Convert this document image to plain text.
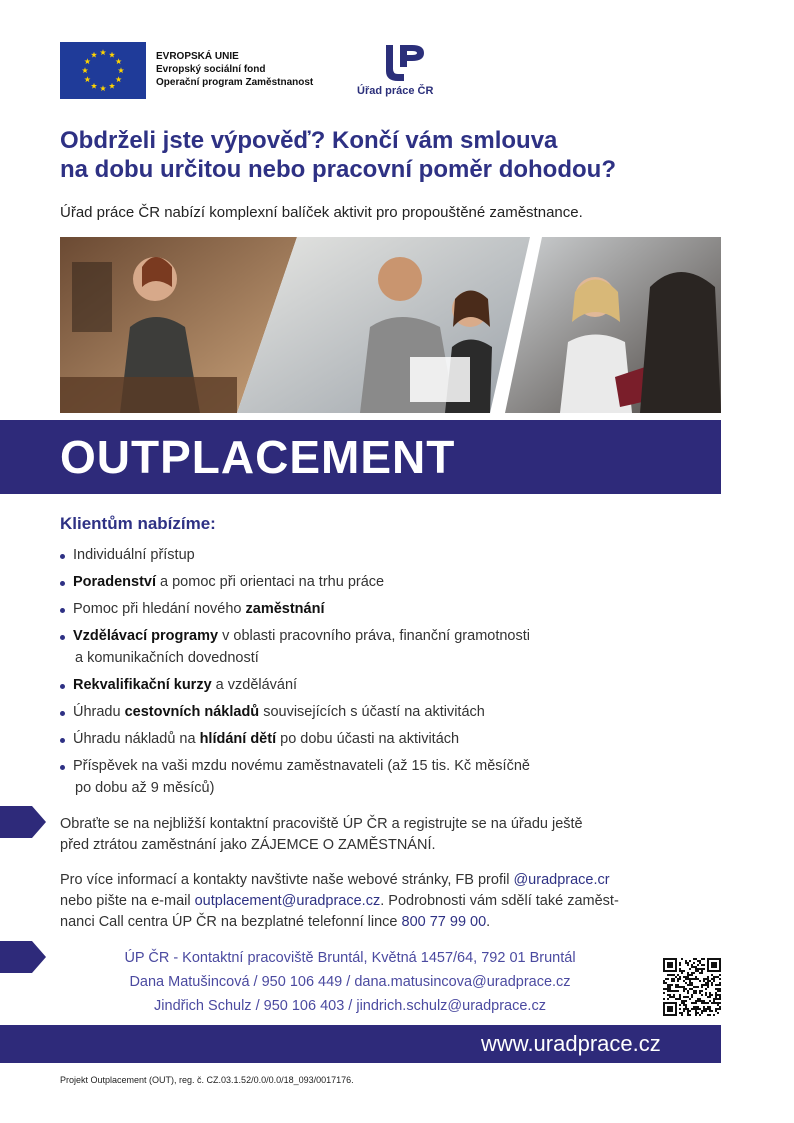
EVROPSKÁ UNIE
Evropský sociální fond
Operační program Zaměstnanost
Úřad práce ČR
Obdrželi jste výpověď? Končí vám smlouva
na dobu určitou nebo pracovní poměr dohodou?
Úřad práce ČR nabízí komplexní balíček aktivit pro propouštěné zaměstnance.
OUTPLACEMENT
Klientům nabízíme:
Individuální přístup
Poradenství a pomoc při orientaci na trhu práce
Pomoc při hledání nového zaměstnání
Vzdělávací programy v oblasti pracovního práva, finanční gramotnosti
a komunikačních dovedností
Rekvalifikační kurzy a vzdělávání
Úhradu cestovních nákladů souvisejících s účastí na aktivitách
Úhradu nákladů na hlídání dětí po dobu účasti na aktivitách
Příspěvek na vaši mzdu novému zaměstnavateli (až 15 tis. Kč měsíčně
po dobu až 9 měsíců)
Obraťte se na nejbližší kontaktní pracoviště ÚP ČR a registrujte se na úřadu ještě
před ztrátou zaměstnání jako ZÁJEMCE O ZAMĚSTNÁNÍ.
Pro více informací a kontakty navštivte naše webové stránky, FB profil @uradprace.cr
nebo pište na e-mail outplacement@uradprace.cz. Podrobnosti vám sdělí také zaměst-
nanci Call centra ÚP ČR na bezplatné telefonní lince 800 77 99 00.
ÚP ČR - Kontaktní pracoviště Bruntál, Květná 1457/64, 792 01 Bruntál
Dana Matušincová / 950 106 449 / dana.matusincova@uradprace.cz
Jindřich Schulz / 950 106 403 / jindrich.schulz@uradprace.cz
www.uradprace.cz
Projekt Outplacement (OUT), reg. č. CZ.03.1.52/0.0/0.0/18_093/0017176.
